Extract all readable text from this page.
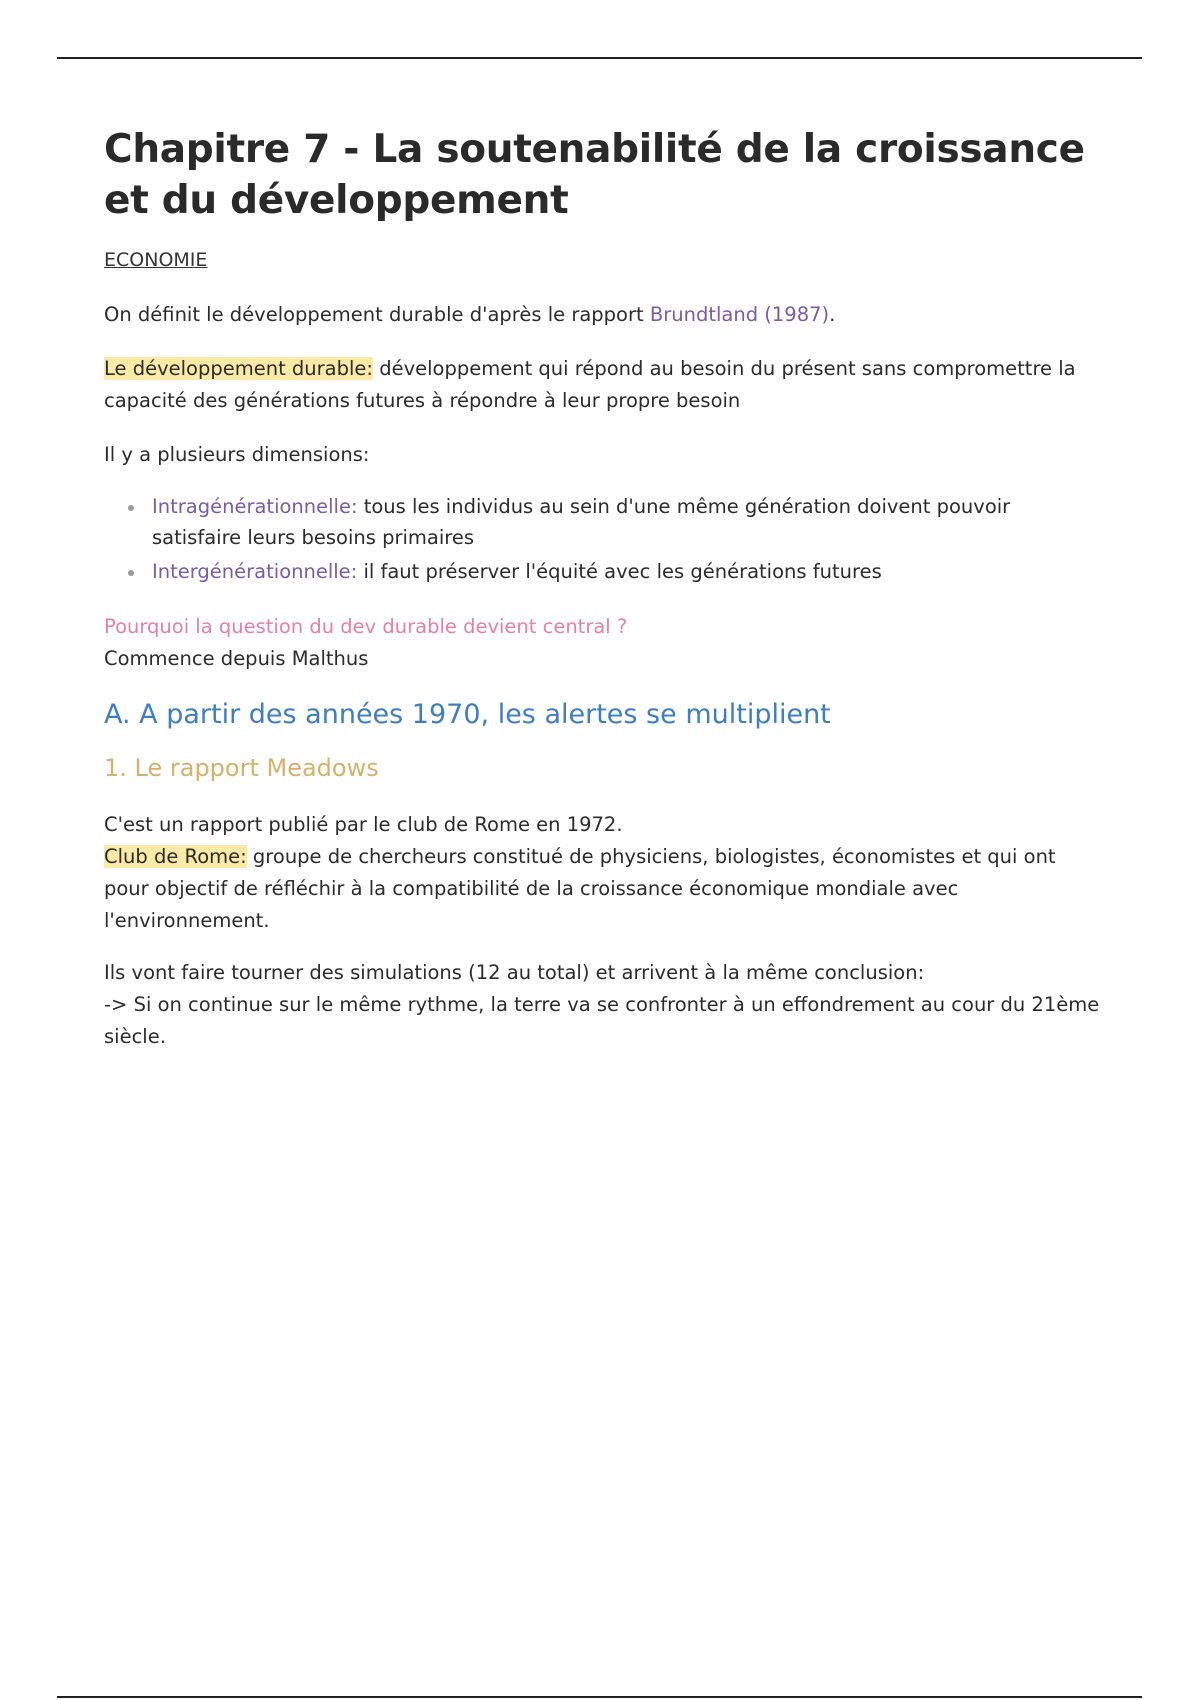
Chapitre 7 - La soutenabilité de la croissance et du développement
ECONOMIE

On définit le développement durable d'après le rapport Brundtland (1987).

Le développement durable: développement qui répond au besoin du présent sans compromettre la capacité des générations futures à répondre à leur propre besoin

Il y a plusieurs dimensions:

Intragénérationnelle: tous les individus au sein d'une même génération doivent pouvoir satisfaire leurs besoins primaires
Intergénérationnelle: il faut préserver l'équité avec les générations futures

Pourquoi la question du dev durable devient central ?

Commence depuis Malthus

A. A partir des années 1970, les alertes se multiplient
1. Le rapport Meadows

C'est un rapport publié par le club de Rome en 1972.

Club de Rome: groupe de chercheurs constitué de physiciens, biologistes, économistes et qui ont pour objectif de réfléchir à la compatibilité de la croissance économique mondiale avec l'environnement.

Ils vont faire tourner des simulations (12 au total) et arrivent à la même conclusion:

-> Si on continue sur le même rythme, la terre va se confronter à un effondrement au cour du 21ème siècle.
